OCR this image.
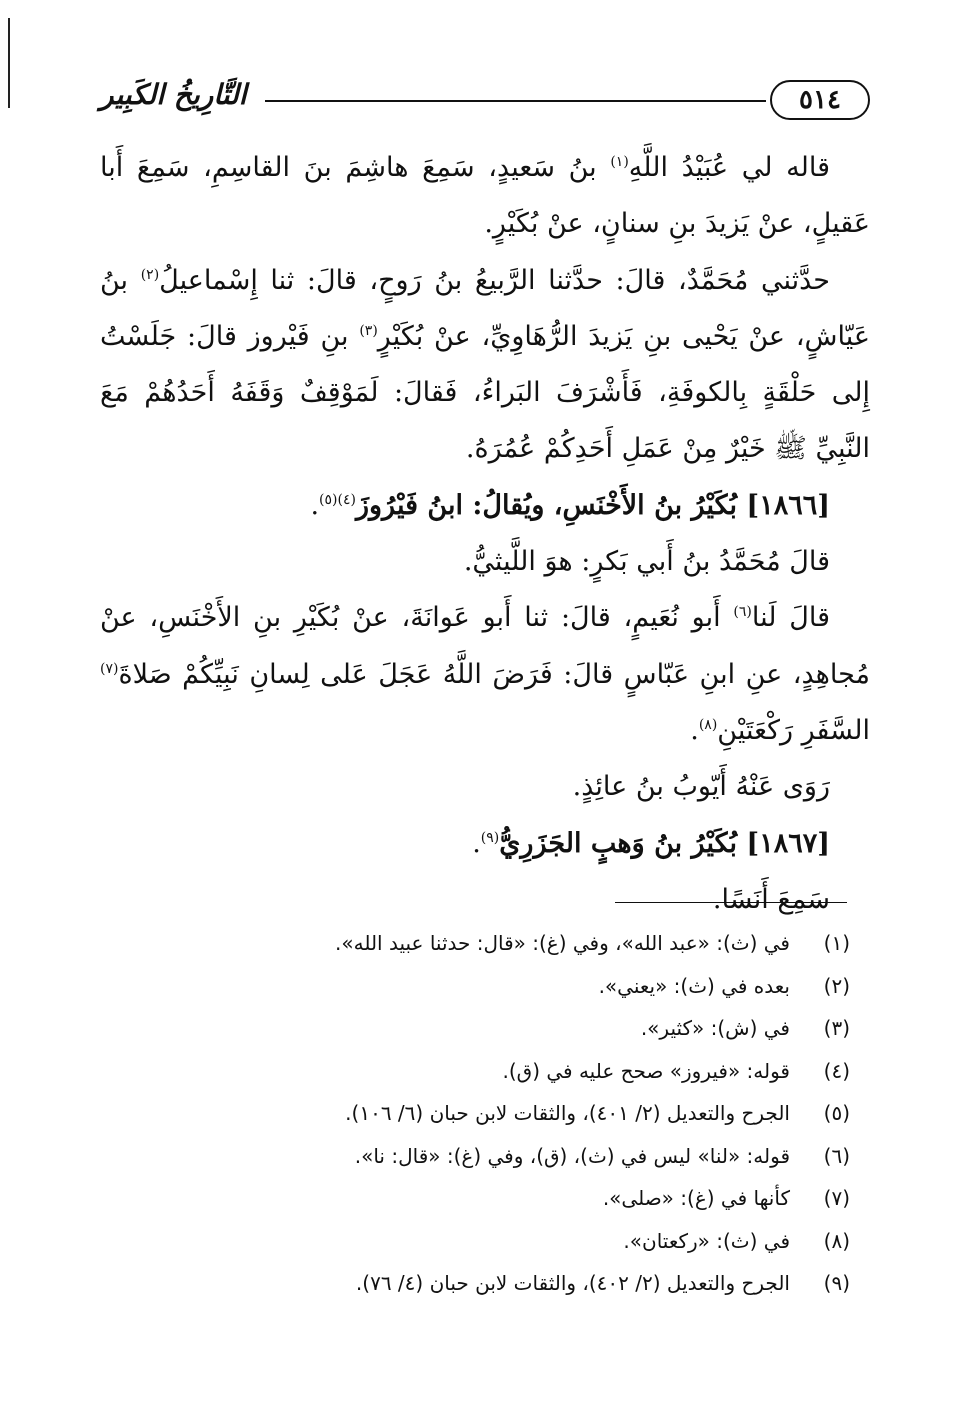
٥١٤
التَّارِيخُ الكَبِير

قاله لي عُبَيْدُ اللَّهِ$^{(١)}$ بنُ سَعيدٍ، سَمِعَ هاشِمَ بنَ القاسِمِ، سَمِعَ أَبا عَقيلٍ، عنْ يَزيدَ بنِ سنانٍ، عنْ بُكَيْرٍ.

حدَّثني مُحَمَّدٌ، قالَ: حدَّثنا الرَّبيعُ بنُ رَوحٍ، قالَ: ثنا إِسْماعيلُ$^{(٢)}$ بنُ عَيّاشٍ، عنْ يَحْيى بنِ يَزيدَ الرُّهَاوِيِّ، عنْ بُكَيْرٍ$^{(٣)}$ بنِ فَيْروز قالَ: جَلَسْتُ إِلى حَلْقَةٍ بِالكوفَةِ، فَأَشْرَفَ البَراءُ، فَقالَ: لَمَوْقِفٌ وَقَفَهُ أَحَدُهُمْ مَعَ النَّبِيِّ ﷺ خَيْرٌ مِنْ عَمَلِ أَحَدِكُمْ عُمُرَهُ.

[١٨٦٦] بُكَيْرُ بنُ الأَخْنَسِ، ويُقالُ: ابنُ فَيْرُوزَ$^{(٤)(٥)}$.

قالَ مُحَمَّدُ بنُ أَبي بَكرٍ: هوَ اللَّيثيُّ.

قالَ لَنا$^{(٦)}$ أَبو نُعَيمٍ، قالَ: ثنا أَبو عَوانَةَ، عنْ بُكَيْرِ بنِ الأَخْنَسِ، عنْ مُجاهِدٍ، عنِ ابنِ عَبّاسٍ قالَ: فَرَضَ اللَّهُ عَجَلَ عَلى لِسانِ نَبِيِّكُمْ صَلاةَ$^{(٧)}$ السَّفَرِ رَكْعَتَيْنِ$^{(٨)}$.

رَوَى عَنْهُ أَيّوبُ بنُ عائِذٍ.

[١٨٦٧] بُكَيْرُ بنُ وَهبٍ الجَزَرِيُّ$^{(٩)}$.

سَمِعَ أَنَسًا.

(١)
في (ث): «عبد الله»، وفي (غ): «قال: حدثنا عبيد الله».
(٢)
بعده في (ث): «يعني».
(٣)
في (ش): «كثير».
(٤)
قوله: «فيروز» صحح عليه في (ق).
(٥)
الجرح والتعديل (٢/ ٤٠١)، والثقات لابن حبان (٦/ ١٠٦).
(٦)
قوله: «لنا» ليس في (ث)، (ق)، وفي (غ): «قال: نا».
(٧)
كأنها في (غ): «صلى».
(٨)
في (ث): «ركعتان».
(٩)
الجرح والتعديل (٢/ ٤٠٢)، والثقات لابن حبان (٤/ ٧٦).
